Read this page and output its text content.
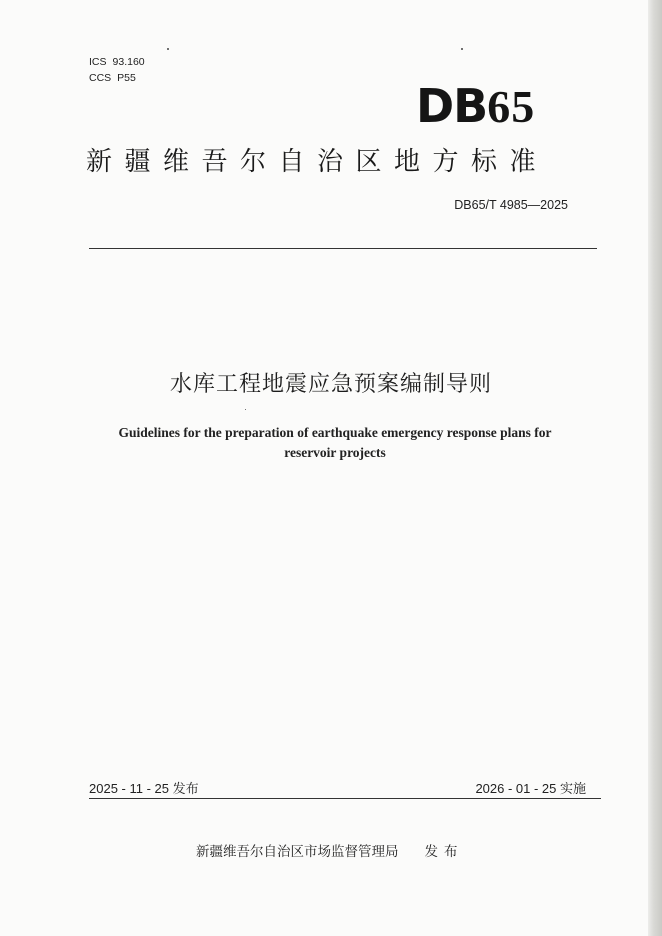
ICS 93.160
CCS P55
DB65
新疆维吾尔自治区地方标准
DB65/T 4985—2025
水库工程地震应急预案编制导则
Guidelines for the preparation of earthquake emergency response plans for
reservoir projects
2025 - 11 - 25 发布	2026 - 01 - 25 实施
新疆维吾尔自治区市场监督管理局 发布
